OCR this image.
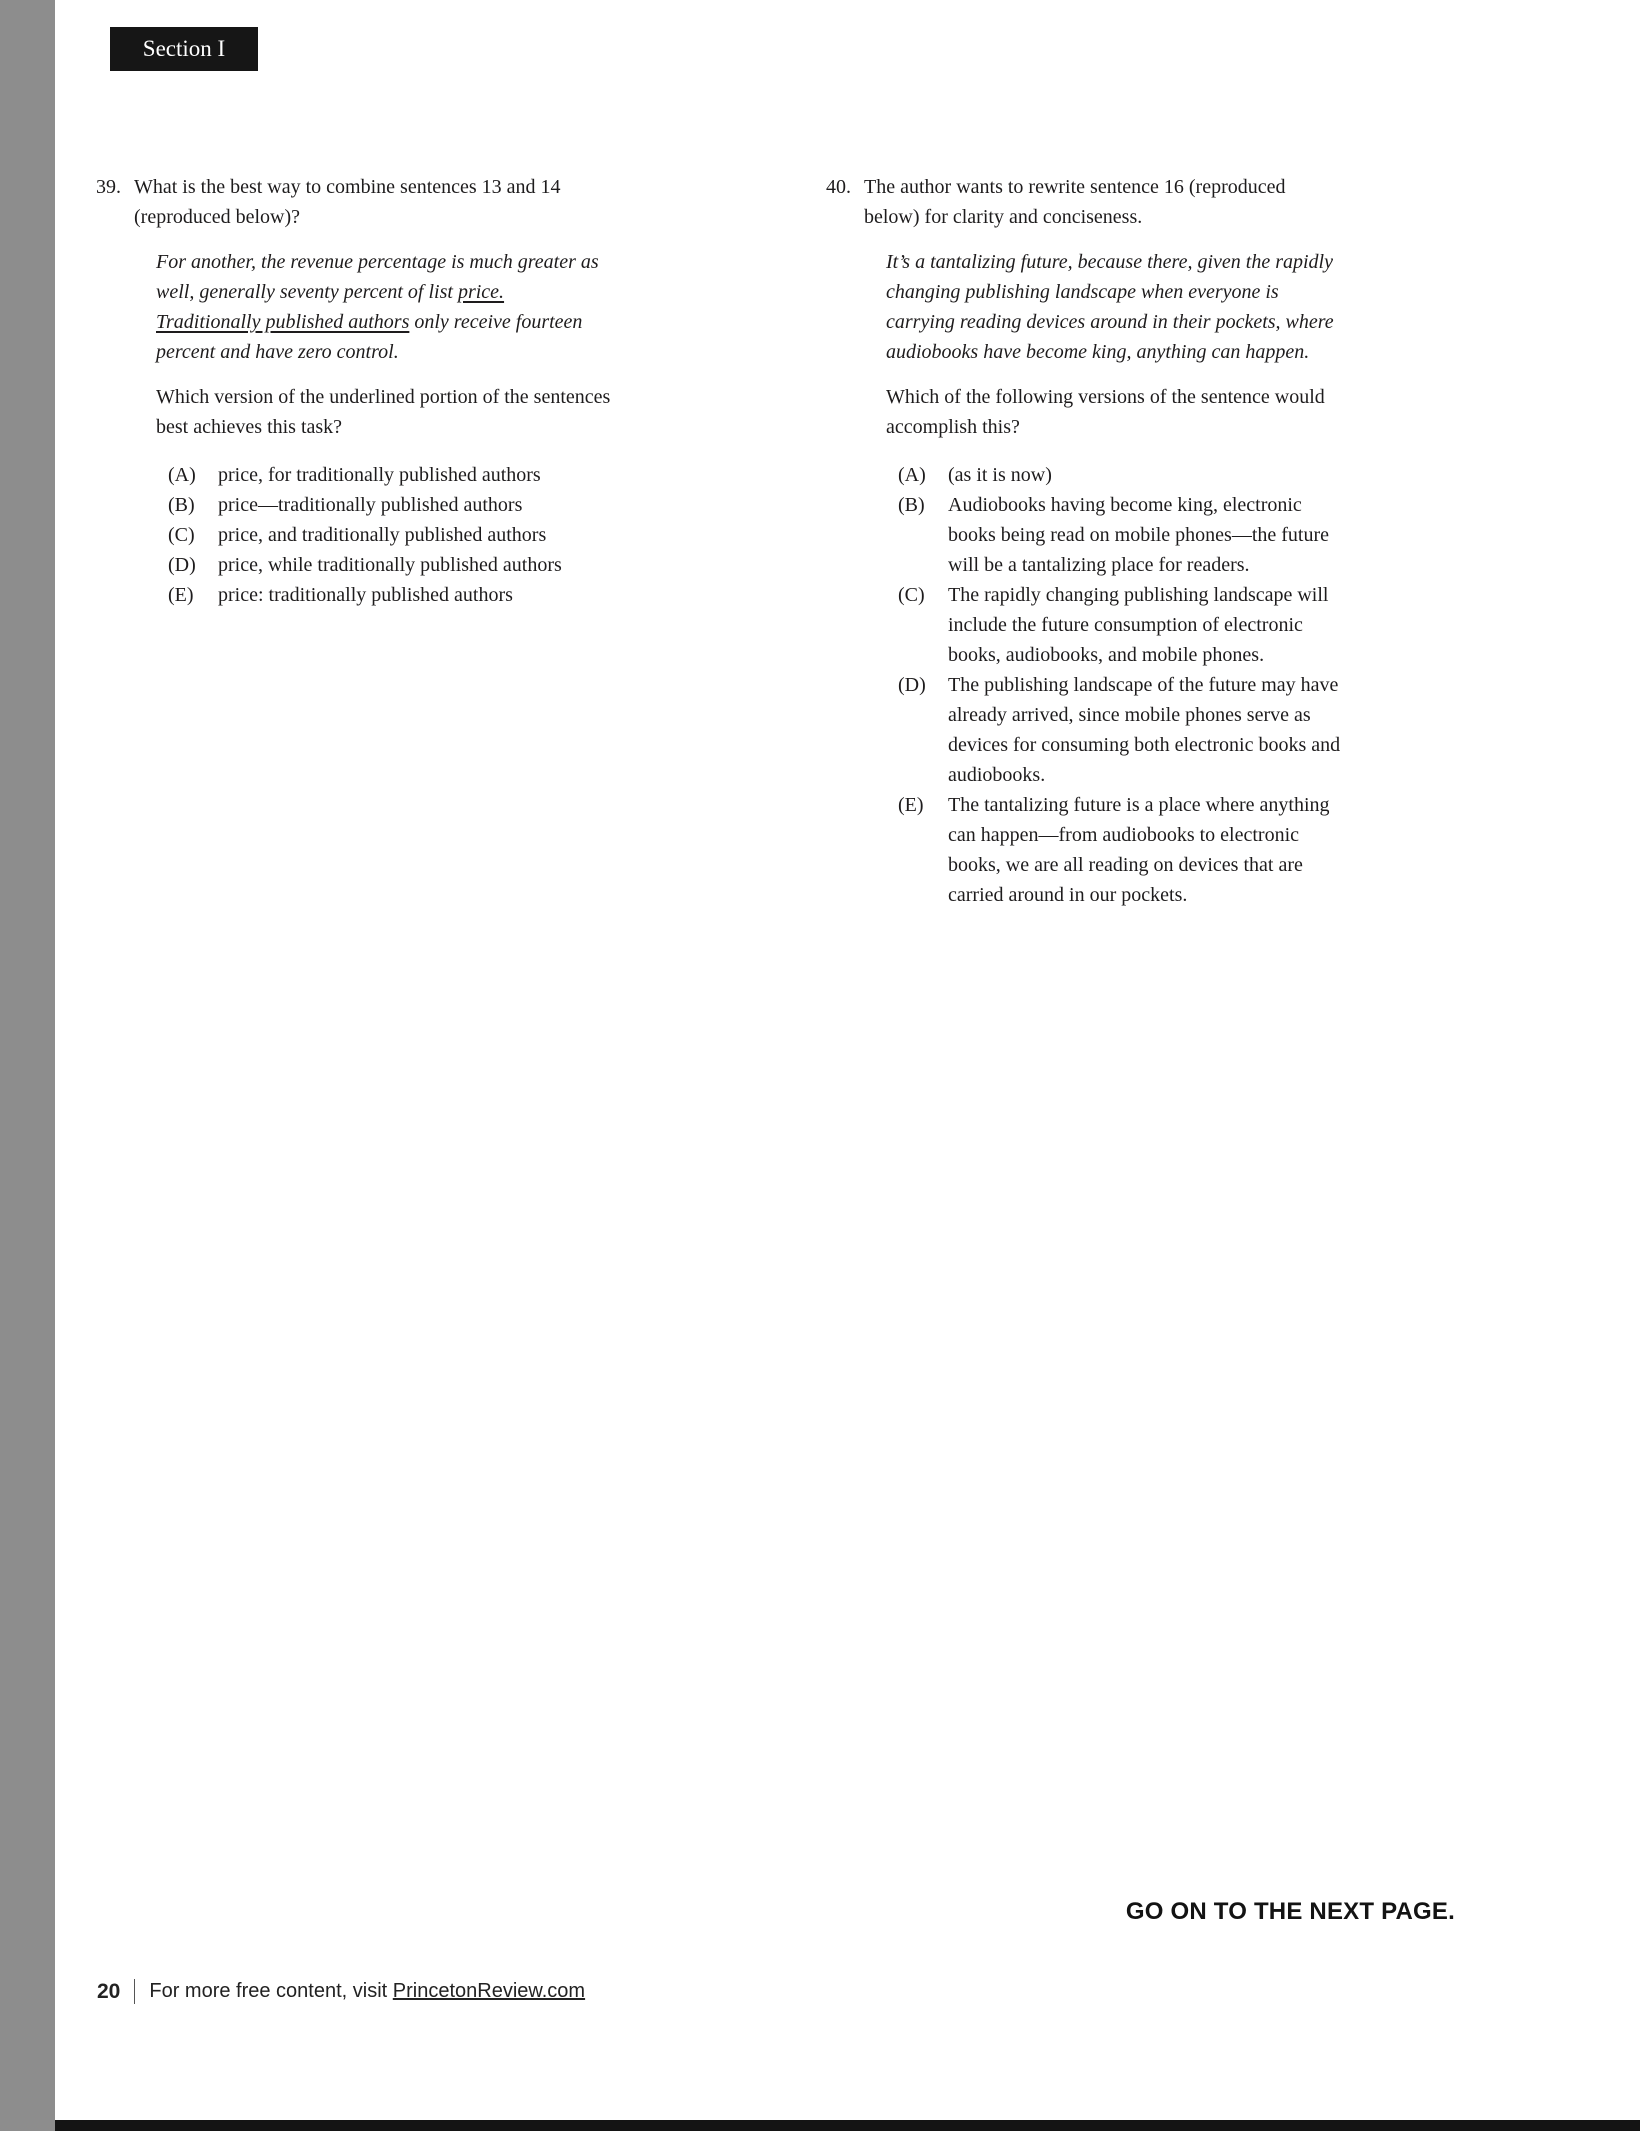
Section I
39. What is the best way to combine sentences 13 and 14 (reproduced below)?

For another, the revenue percentage is much greater as well, generally seventy percent of list price. Traditionally published authors only receive fourteen percent and have zero control.

Which version of the underlined portion of the sentences best achieves this task?

(A)	price, for traditionally published authors
(B)	price—traditionally published authors
(C)	price, and traditionally published authors
(D)	price, while traditionally published authors
(E)	price: traditionally published authors
40. The author wants to rewrite sentence 16 (reproduced below) for clarity and conciseness.

It’s a tantalizing future, because there, given the rapidly changing publishing landscape when everyone is carrying reading devices around in their pockets, where audiobooks have become king, anything can happen.

Which of the following versions of the sentence would accomplish this?

(A)	(as it is now)
(B)	Audiobooks having become king, electronic books being read on mobile phones—the future will be a tantalizing place for readers.
(C)	The rapidly changing publishing landscape will include the future consumption of electronic books, audiobooks, and mobile phones.
(D)	The publishing landscape of the future may have already arrived, since mobile phones serve as devices for consuming both electronic books and audiobooks.
(E)	The tantalizing future is a place where anything can happen—from audiobooks to electronic books, we are all reading on devices that are carried around in our pockets.
GO ON TO THE NEXT PAGE.
20 For more free content, visit PrincetonReview.com
